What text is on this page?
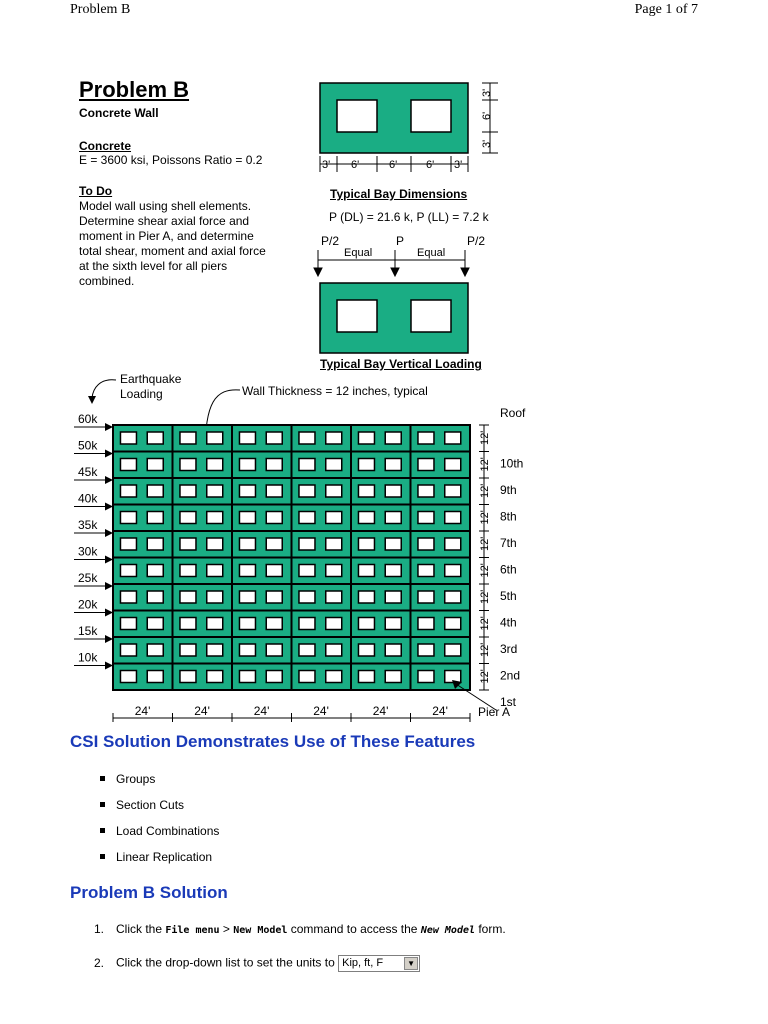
Problem B	Page 1 of 7
Problem B
Concrete Wall
Concrete
E = 3600 ksi, Poissons Ratio = 0.2
To Do
Model wall using shell elements.
Determine shear axial force and
moment in Pier A, and determine
total shear, moment and axial force
at the sixth level for all piers
combined.
3' 6'	6'	6' 3'
3'
6'
3'
Typical Bay Dimensions
P (DL) = 21.6 k, P (LL) = 7.2 k
P/2	P	P/2
Equal	Equal
Typical Bay Vertical Loading
Earthquake
Loading	Wall Thickness = 12 inches, typical
60k
50k
45k
40k
35k
30k
25k
20k
15k
10k
12'
12'
12'
12'
12'
12'
12'
12'
12'
12'
Roof
10th
9th
8th
7th
6th
5th
4th
3rd
2nd
1st
24'	24'	24'	24'	24'	24'	Pier A
CSI Solution Demonstrates Use of These Features
Groups
Section Cuts
Load Combinations
Linear Replication
Problem B Solution
1. Click the File menu > New Model command to access the New Model form.
2. Click the drop-down list to set the units to Kip, ft, F	▼
